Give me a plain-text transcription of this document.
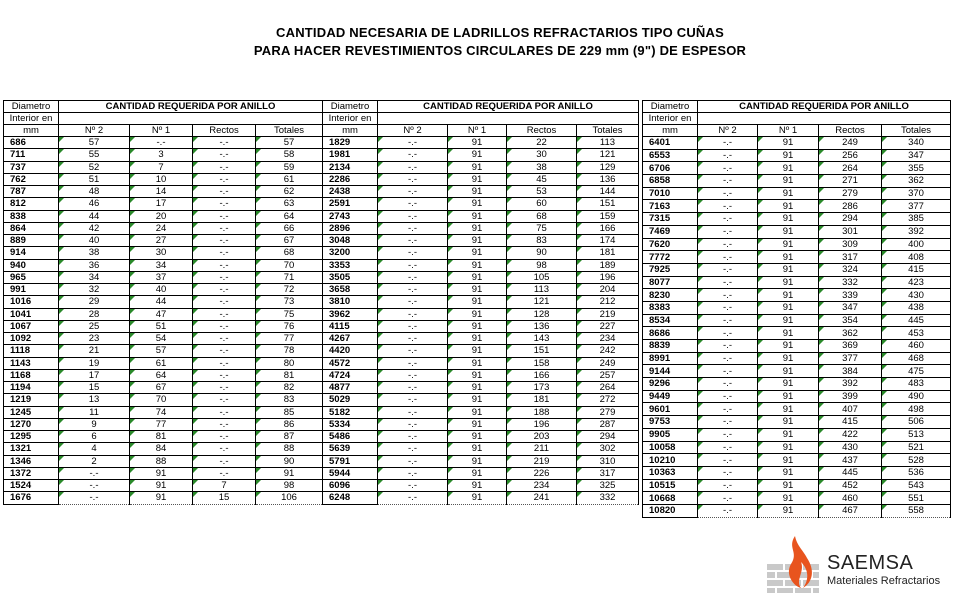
CANTIDAD NECESARIA DE LADRILLOS REFRACTARIOS TIPO CUÑAS
PARA HACER REVESTIMIENTOS CIRCULARES DE 229 mm (9") DE ESPESOR
Diametro	CANTIDAD REQUERIDA POR ANILLO			
Interior en				
mm	Nº 2	Nº 1	Rectos	Totales
686	57	-.-	-.-	57
711	55	3	-.-	58
737	52	7	-.-	59
762	51	10	-.-	61
787	48	14	-.-	62
812	46	17	-.-	63
838	44	20	-.-	64
864	42	24	-.-	66
889	40	27	-.-	67
914	38	30	-.-	68
940	36	34	-.-	70
965	34	37	-.-	71
991	32	40	-.-	72
1016	29	44	-.-	73
1041	28	47	-.-	75
1067	25	51	-.-	76
1092	23	54	-.-	77
1118	21	57	-.-	78
1143	19	61	-.-	80
1168	17	64	-.-	81
1194	15	67	-.-	82
1219	13	70	-.-	83
1245	11	74	-.-	85
1270	9	77	-.-	86
1295	6	81	-.-	87
1321	4	84	-.-	88
1346	2	88	-.-	90
1372	-.-	91	-.-	91
1524	-.-	91	7	98
1676	-.-	91	15	106
Diametro	CANTIDAD REQUERIDA POR ANILLO			
Interior en				
mm	Nº 2	Nº 1	Rectos	Totales
1829	-.-	91	22	113
1981	-.-	91	30	121
2134	-.-	91	38	129
2286	-.-	91	45	136
2438	-.-	91	53	144
2591	-.-	91	60	151
2743	-.-	91	68	159
2896	-.-	91	75	166
3048	-.-	91	83	174
3200	-.-	91	90	181
3353	-.-	91	98	189
3505	-.-	91	105	196
3658	-.-	91	113	204
3810	-.-	91	121	212
3962	-.-	91	128	219
4115	-.-	91	136	227
4267	-.-	91	143	234
4420	-.-	91	151	242
4572	-.-	91	158	249
4724	-.-	91	166	257
4877	-.-	91	173	264
5029	-.-	91	181	272
5182	-.-	91	188	279
5334	-.-	91	196	287
5486	-.-	91	203	294
5639	-.-	91	211	302
5791	-.-	91	219	310
5944	-.-	91	226	317
6096	-.-	91	234	325
6248	-.-	91	241	332
Diametro	CANTIDAD REQUERIDA POR ANILLO			
Interior en				
mm	Nº 2	Nº 1	Rectos	Totales
6401	-.-	91	249	340
6553	-.-	91	256	347
6706	-.-	91	264	355
6858	-.-	91	271	362
7010	-.-	91	279	370
7163	-.-	91	286	377
7315	-.-	91	294	385
7469	-.-	91	301	392
7620	-.-	91	309	400
7772	-.-	91	317	408
7925	-.-	91	324	415
8077	-.-	91	332	423
8230	-.-	91	339	430
8383	-.-	91	347	438
8534	-.-	91	354	445
8686	-.-	91	362	453
8839	-.-	91	369	460
8991	-.-	91	377	468
9144	-.-	91	384	475
9296	-.-	91	392	483
9449	-.-	91	399	490
9601	-.-	91	407	498
9753	-.-	91	415	506
9905	-.-	91	422	513
10058	-.-	91	430	521
10210	-.-	91	437	528
10363	-.-	91	445	536
10515	-.-	91	452	543
10668	-.-	91	460	551
10820	-.-	91	467	558
SAEMSA
Materiales Refractarios
